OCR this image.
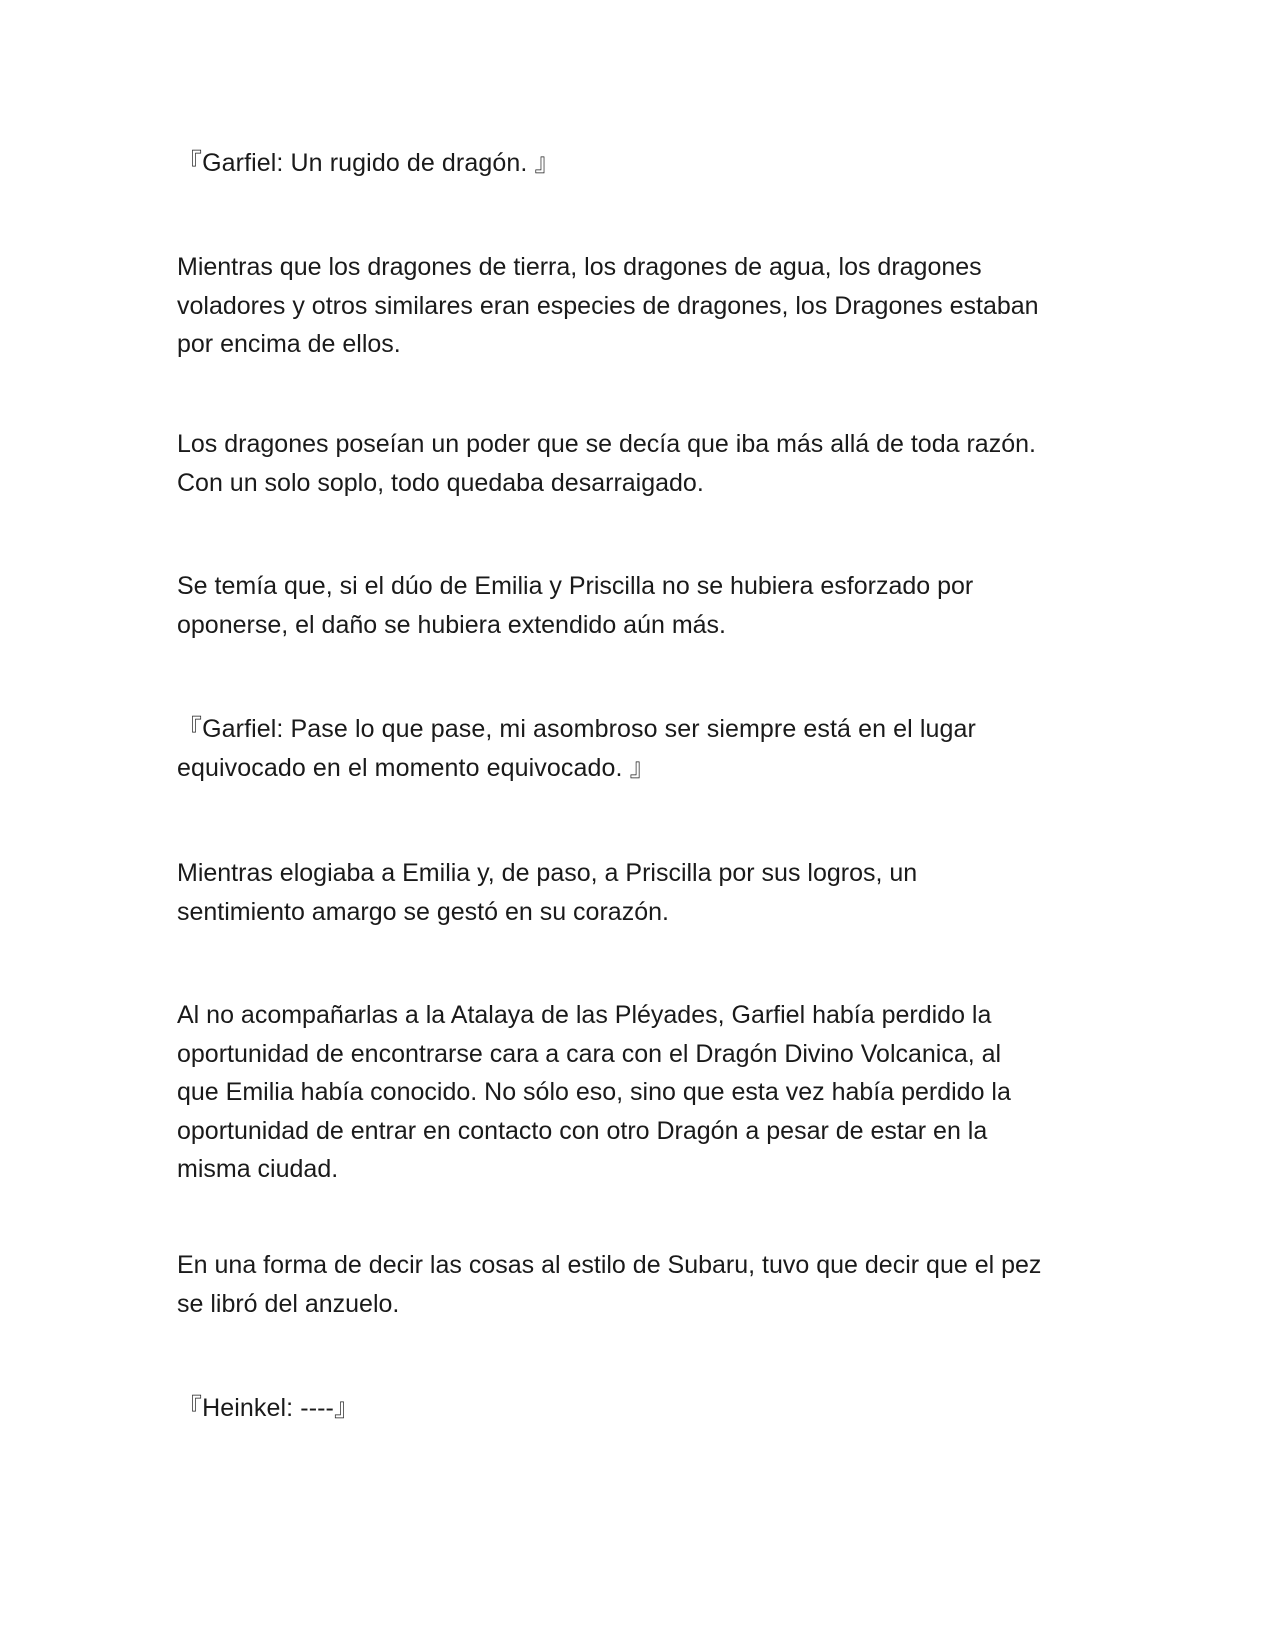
『Garfiel: Un rugido de dragón. 』

Mientras que los dragones de tierra, los dragones de agua, los dragones
voladores y otros similares eran especies de dragones, los Dragones estaban
por encima de ellos.

Los dragones poseían un poder que se decía que iba más allá de toda razón.
Con un solo soplo, todo quedaba desarraigado.

Se temía que, si el dúo de Emilia y Priscilla no se hubiera esforzado por
oponerse, el daño se hubiera extendido aún más.

『Garfiel: Pase lo que pase, mi asombroso ser siempre está en el lugar
equivocado en el momento equivocado. 』

Mientras elogiaba a Emilia y, de paso, a Priscilla por sus logros, un
sentimiento amargo se gestó en su corazón.

Al no acompañarlas a la Atalaya de las Pléyades, Garfiel había perdido la
oportunidad de encontrarse cara a cara con el Dragón Divino Volcanica, al
que Emilia había conocido. No sólo eso, sino que esta vez había perdido la
oportunidad de entrar en contacto con otro Dragón a pesar de estar en la
misma ciudad.

En una forma de decir las cosas al estilo de Subaru, tuvo que decir que el pez
se libró del anzuelo.

『Heinkel: ----』
